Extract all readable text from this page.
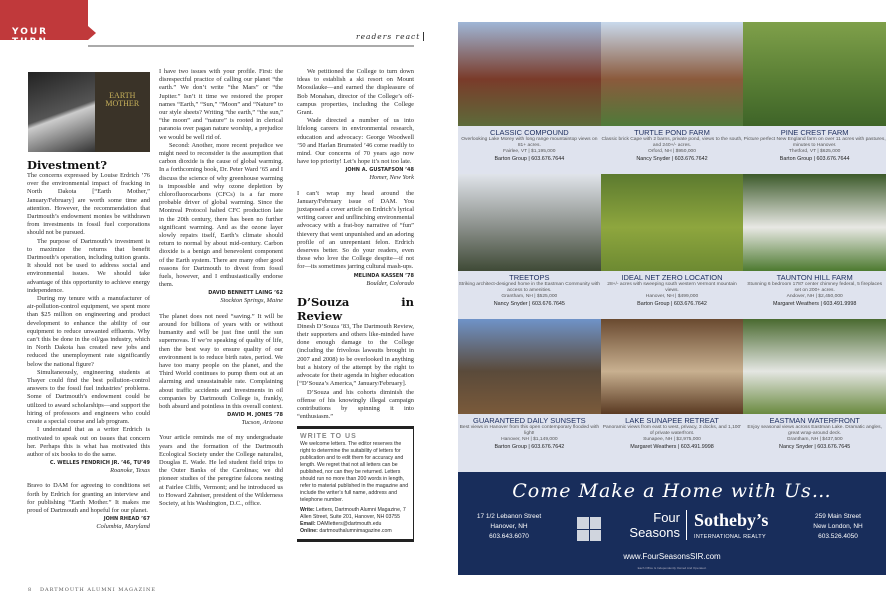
YOUR TURN
readers react
EARTH MOTHER
Divestment?

The concerns expressed by Louise Erdrich ’76 over the environmental impact of fracking in North Dakota [“Earth Mother,” January/February] are worth some time and attention. However, the recommendation that Dartmouth’s endowment monies be withdrawn from investments in fossil fuel corporations should not be pursued.

The purpose of Dartmouth’s investment is to maximize the returns that benefit Dartmouth’s operation, including tuition grants. It should not be used to address social and environmental issues. We should take advantage of this opportunity to achieve energy independence.

During my tenure with a manufacturer of air-pollution-control equipment, we spent more than $25 million on engineering and product development to enhance the ability of our equipment to reduce unwanted effluents. Why can’t this be done in the oil/gas industry, which in North Dakota has created new jobs and reduced the unemployment rate significantly below the national figure?

Simultaneously, engineering students at Thayer could find the best pollution-control answers to the fossil fuel industries’ problems. Some of Dartmouth’s endowment could be utilized to award scholarships—and support the hiring of professors and engineers who could create a special course and lab program.

I understand that as a writer Erdrich is motivated to speak out on issues that concern her. Perhaps this is what has motivated this author of six books to do the same.

C. WELLES FENDRICH JR. ’46, TU’49
Roanoke, Texas

Bravo to DAM for agreeing to conditions set forth by Erdrich for granting an interview and for publishing “Earth Mother.” It makes me proud of Dartmouth and hopeful for our planet.

JOHN RHEAD ’67
Columbia, Maryland

I have two issues with your profile. First: the disrespectful practice of calling our planet “the earth.” We don’t write “the Mars” or “the Jupiter.” Isn’t it time we restored the proper names “Earth,” “Sun,” “Moon” and “Nature” to our style sheets? Writing “the earth,” “the sun,” “the moon” and “nature” is rooted in clerical paranoia over pagan nature worship, a prejudice we would be well rid of.

Second: Another, more recent prejudice we might need to reconsider is the assumption that carbon dioxide is the cause of global warming. In a forthcoming book, Dr. Peter Ward ’65 and I discuss the science of why greenhouse warming is impossible and why ozone depletion by chlorofluorocarbons (CFCs) is a far more probable driver of global warming. Since the Montreal Protocol halted CFC production late in the 20th century, there has been no further significant warming. And as the ozone layer slowly repairs itself, Earth’s climate should return to normal by about mid-century. Carbon dioxide is a benign and benevolent component of the Earth system. There are many other good reasons for Dartmouth to divest from fossil fuels, however, and I enthusiastically endorse them.

DAVID BENNETT LAING ’62
Stockton Springs, Maine

The planet does not need “saving.” It will be around for billions of years with or without humanity and will be just fine until the sun supernovas. If we’re speaking of quality of life, then the best way to ensure quality of our environment is to reduce birth rates, period. We have too many people on the planet, and the Third World continues to pump them out at an alarming and unsustainable rate. Complaining about traffic accidents and investments in oil companies by Dartmouth College is, frankly, both absurd and pointless in this overall context.

DAVID M. JONES ’78
Tucson, Arizona

Your article reminds me of my undergraduate years and the formation of the Dartmouth Ecological Society under the College naturalist, Douglas E. Wade. He led student field trips to the Outer Banks of the Carolinas; we did pioneer studies of the peregrine falcons nesting at Fairlee Cliffs, Vermont; and he introduced us to Howard Zahniser, president of the Wilderness Society, at his Washington, D.C., office.

We petitioned the College to turn down ideas to establish a ski resort on Mount Moosilauke—and earned the displeasure of Bob Monahan, director of the College’s off-campus properties, including the College Grant.

Wade directed a number of us into lifelong careers in environmental research, education and advocacy: George Woodwell ’50 and Harlan Brumsted ’46 come readily to mind. Our concerns of 70 years ago now have top priority! Let’s hope it’s not too late.

JOHN A. GUSTAFSON ’48
Homer, New York

I can’t wrap my head around the January/February issue of DAM. You juxtaposed a cover article on Erdrich’s lyrical writing career and unflinching environmental advocacy with a frat-boy narrative of “fun” thievery that went unpunished and an adoring profile of an unrepentant felon. Erdrich deserves better. So do your readers, even those who love the College despite—if not for—its sometimes jarring cultural mash-ups.

MELINDA KASSEN ’78
Boulder, Colorado
D’Souza in Review

Dinesh D’Souza ’83, The Dartmouth Review, their supporters and others like-minded have done enough damage to the College (including the frivolous lawsuits brought in 2007 and 2008) to be overlooked in anything but a history of the attempt by the right to advocate for their agenda in higher education [“D’Souza’s America,” January/February].

D’Souza and his cohorts diminish the offense of his knowingly illegal campaign contributions by spinning it into “enthusiasm.”

WRITE TO US
We welcome letters. The editor reserves the right to determine the suitability of letters for publication and to edit them for accuracy and length. We regret that not all letters can be published, nor can they be returned. Letters should run no more than 200 words in length, refer to material published in the magazine and include the writer’s full name, address and telephone number.
Write: Letters, Dartmouth Alumni Magazine, 7 Allen Street, Suite 201, Hanover, NH 03755
Email: DAMletters@dartmouth.edu
Online: dartmouthalumnimagazine.com
8 DARTMOUTH ALUMNI MAGAZINE
CLASSIC COMPOUND
Overlooking Lake Morey with long range mountaintop views on 81+ acres.
Fairlee, VT | $1,195,000
Barton Group | 603.676.7644
TURTLE POND FARM
Classic brick Cape with 2 barns, private pond, views to the south, and 240+/- acres.
Orford, NH | $950,000
Nancy Snyder | 603.676.7642
PINE CREST FARM
Picture perfect New England farm on over 11 acres with pastures, minutes to Hanover.
Thetford, VT | $625,000
Barton Group | 603.676.7644
TREETOPS
Striking architect-designed home in the Eastman Community with access to amenities.
Grantham, NH | $525,000
Nancy Snyder | 603.676.7645
IDEAL NET ZERO LOCATION
28+/- acres with sweeping south western Vermont mountain views.
Hanover, NH | $499,000
Barton Group | 603.676.7642
TAUNTON HILL FARM
Stunning 6 bedroom 1787 center chimney federal, 5 fireplaces set on 200+ acres.
Andover, NH | $2,450,000
Margaret Weathers | 603.491.9998
GUARANTEED DAILY SUNSETS
Best views in Hanover from this open contemporary flooded with light!
Hanover, NH | $1,149,000
Barton Group | 603.676.7642
LAKE SUNAPEE RETREAT
Panoramic views from east to west, privacy, 3 docks, and 1,100' of private waterfront.
Sunapee, NH | $2,975,000
Margaret Weathers | 603.491.9998
EASTMAN WATERFRONT
Enjoy seasonal views across Eastman Lake. Dramatic angles, great wrap-around deck.
Grantham, NH | $437,500
Nancy Snyder | 603.676.7645
Come Make a Home with Us…
17 1/2 Lebanon Street
Hanover, NH
603.643.6070
Four
Seasons
Sotheby’s
INTERNATIONAL REALTY
259 Main Street
New London, NH
603.526.4050
www.FourSeasonsSIR.com
Each Office Is Independently Owned And Operated.
